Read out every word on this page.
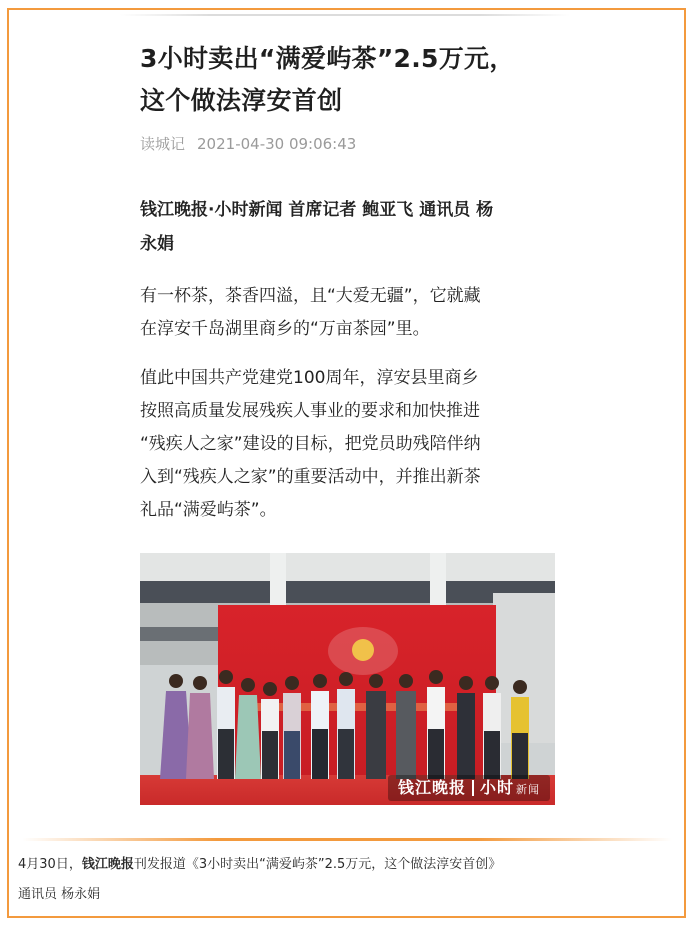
3小时卖出“满爱屿茶”2.5万元，
这个做法淳安首创
读城记 2021-04-30 09:06:43

钱江晚报·小时新闻 首席记者 鲍亚飞 通讯员 杨
永娟

有一杯茶，茶香四溢，且“大爱无疆”，它就藏
在淳安千岛湖里商乡的“万亩茶园”里。

值此中国共产党建党100周年，淳安县里商乡
按照高质量发展残疾人事业的要求和加快推进
“残疾人之家”建设的目标，把党员助残陪伴纳
入到“残疾人之家”的重要活动中，并推出新茶
礼品“满爱屿茶”。

钱江晚报 小时 新闻
4月30日，钱江晚报刊发报道《3小时卖出“满爱屿茶”2.5万元，这个做法淳安首创》
通讯员 杨永娟
